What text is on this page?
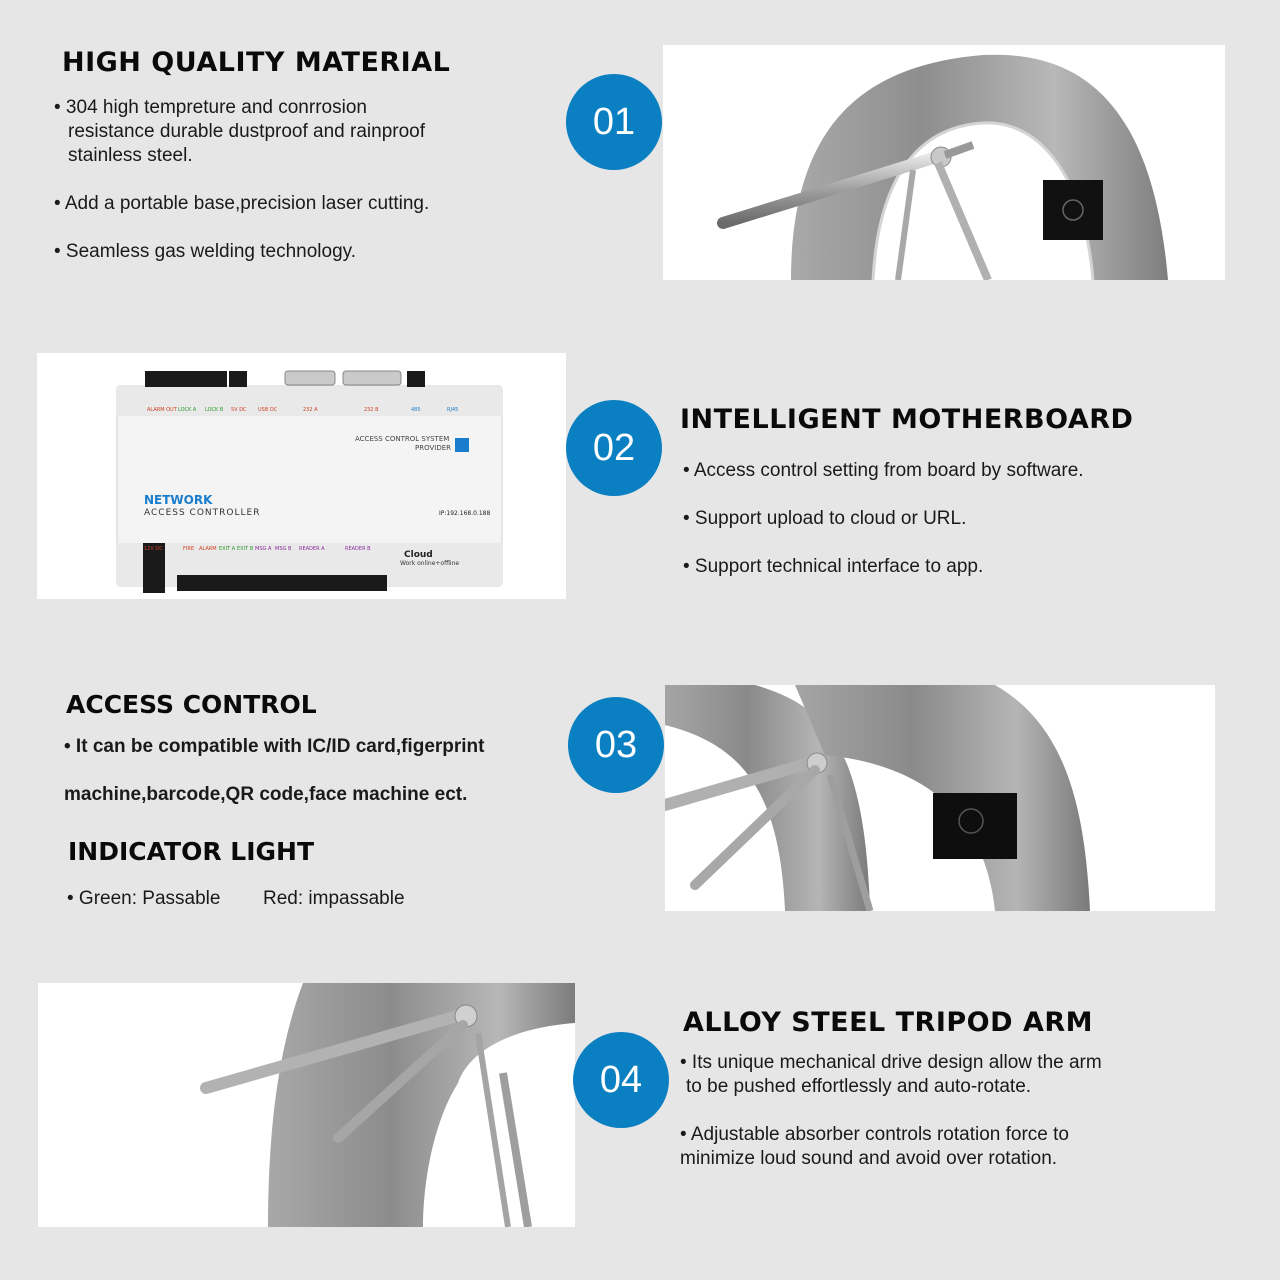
HIGH QUALITY MATERIAL
• 304 high tempreture and conrrosion
resistance durable dustproof and rainproof
stainless steel.
• Add a portable base,precision laser cutting.
• Seamless gas welding technology.
01
ACCESS CONTROL SYSTEM
PROVIDER
NETWORK
ACCESS CONTROLLER	IP:192.168.0.188
Cloud
Work online+offline
ALARM OUT LOCK A LOCK B 5V DC USB DC	232 A	232 B	485	RJ45
12V DC	FIRE ALARM EXIT A EXIT B MSG A MSG B READER A	READER B
02
INTELLIGENT MOTHERBOARD
• Access control setting from board by software.
• Support upload to cloud or URL.
• Support technical interface to app.
ACCESS CONTROL
• It can be compatible with IC/ID card,figerprint
machine,barcode,QR code,face machine ect.
INDICATOR LIGHT
• Green: Passable Red: impassable
03
04
ALLOY STEEL TRIPOD ARM
• Its unique mechanical drive design allow the arm
to be pushed effortlessly and auto-rotate.
• Adjustable absorber controls rotation force to
minimize loud sound and avoid over rotation.
